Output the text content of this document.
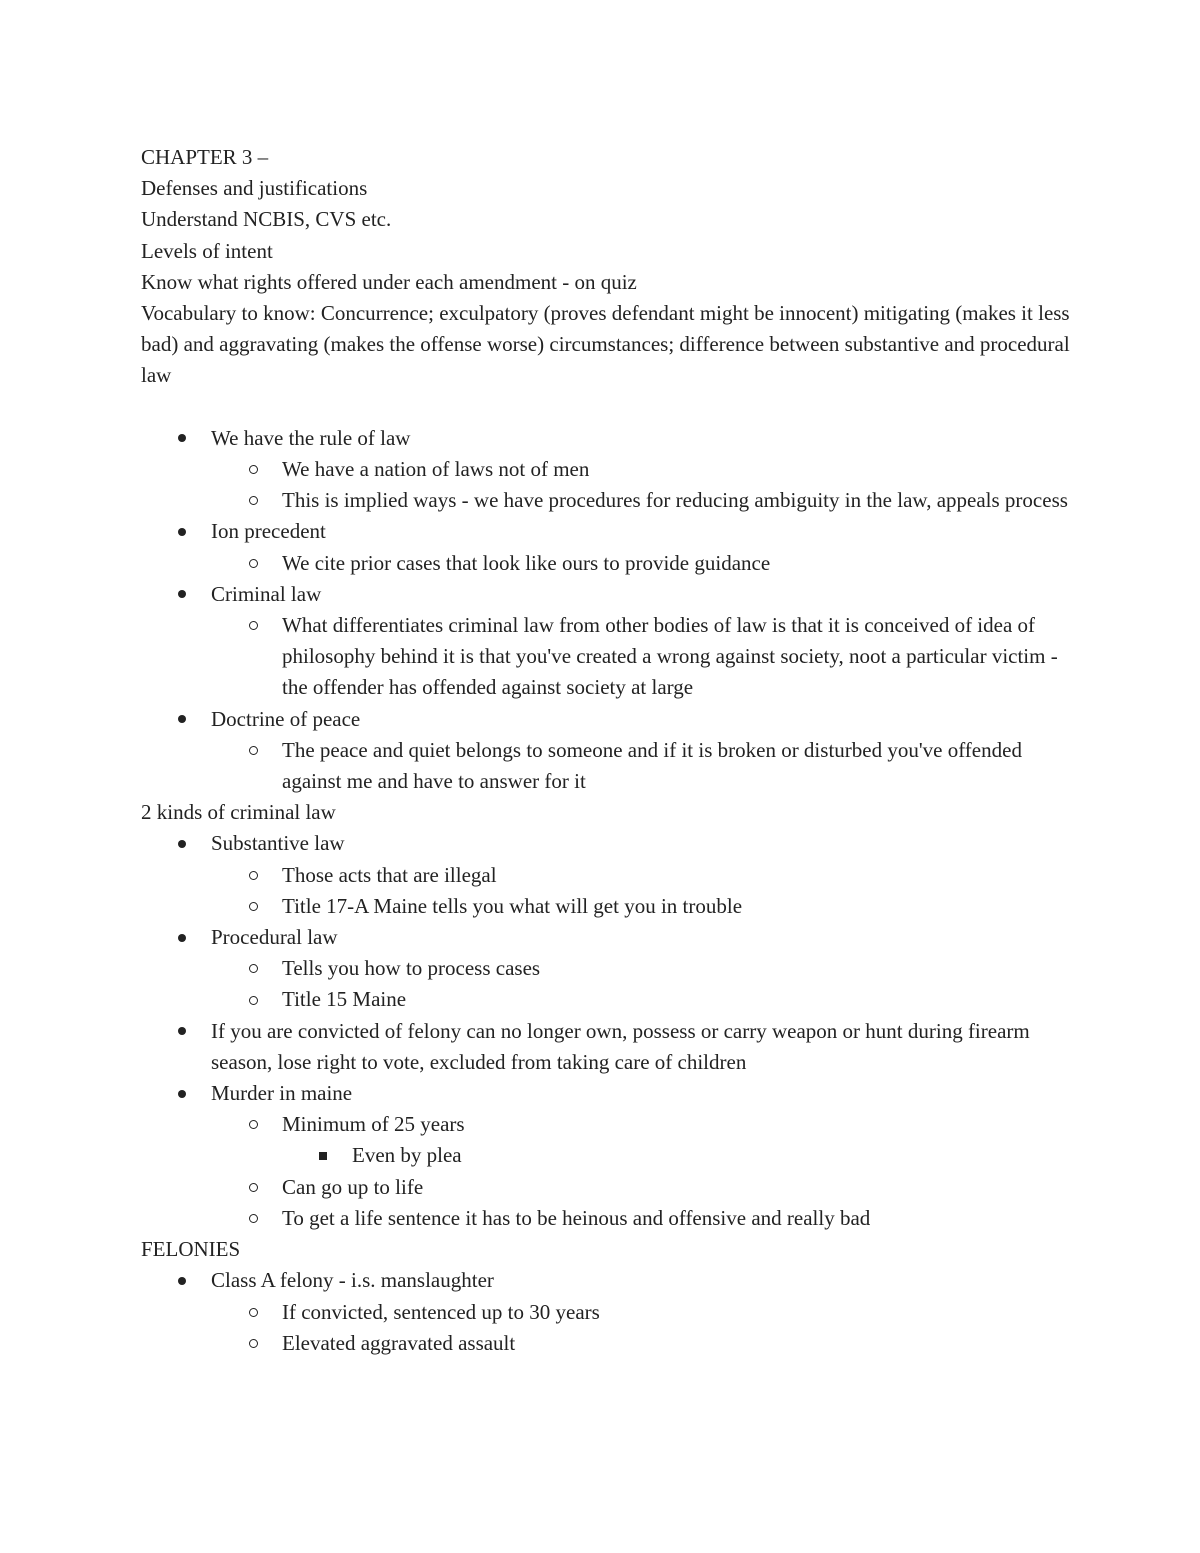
CHAPTER 3 –

Defenses and justifications

Understand NCBIS, CVS etc.

Levels of intent

Know what rights offered under each amendment - on quiz

Vocabulary to know: Concurrence; exculpatory (proves defendant might be innocent) mitigating (makes it less bad) and aggravating (makes the offense worse) circumstances; difference between substantive and procedural law

We have the rule of law
We have a nation of laws not of men
This is implied ways - we have procedures for reducing ambiguity in the law, appeals process
Ion precedent
We cite prior cases that look like ours to provide guidance
Criminal law
What differentiates criminal law from other bodies of law is that it is conceived of idea of philosophy behind it is that you've created a wrong against society, noot a particular victim - the offender has offended against society at large
Doctrine of peace
The peace and quiet belongs to someone and if it is broken or disturbed you've offended against me and have to answer for it

2 kinds of criminal law

Substantive law
Those acts that are illegal
Title 17-A Maine tells you what will get you in trouble
Procedural law
Tells you how to process cases
Title 15 Maine
If you are convicted of felony can no longer own, possess or carry weapon or hunt during firearm season, lose right to vote, excluded from taking care of children
Murder in maine
Minimum of 25 years
Even by plea
Can go up to life
To get a life sentence it has to be heinous and offensive and really bad

FELONIES

Class A felony - i.s. manslaughter
If convicted, sentenced up to 30 years
Elevated aggravated assault
